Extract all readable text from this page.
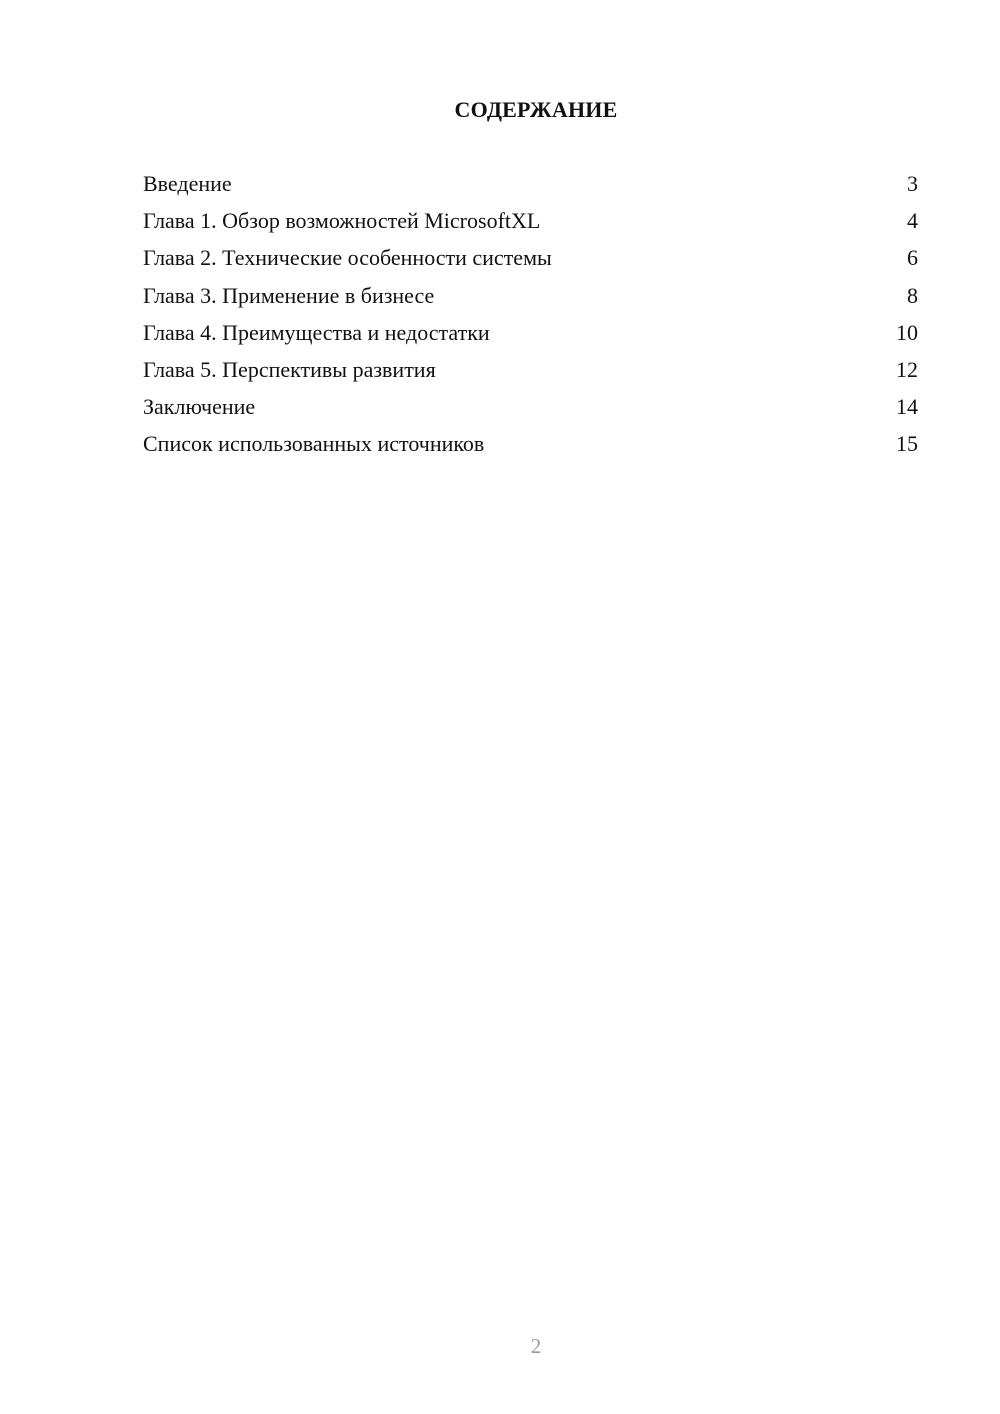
СОДЕРЖАНИЕ
Введение	3
Глава 1. Обзор возможностей MicrosoftXL	4
Глава 2. Технические особенности системы	6
Глава 3. Применение в бизнесе	8
Глава 4. Преимущества и недостатки	10
Глава 5. Перспективы развития	12
Заключение	14
Список использованных источников	15
2
